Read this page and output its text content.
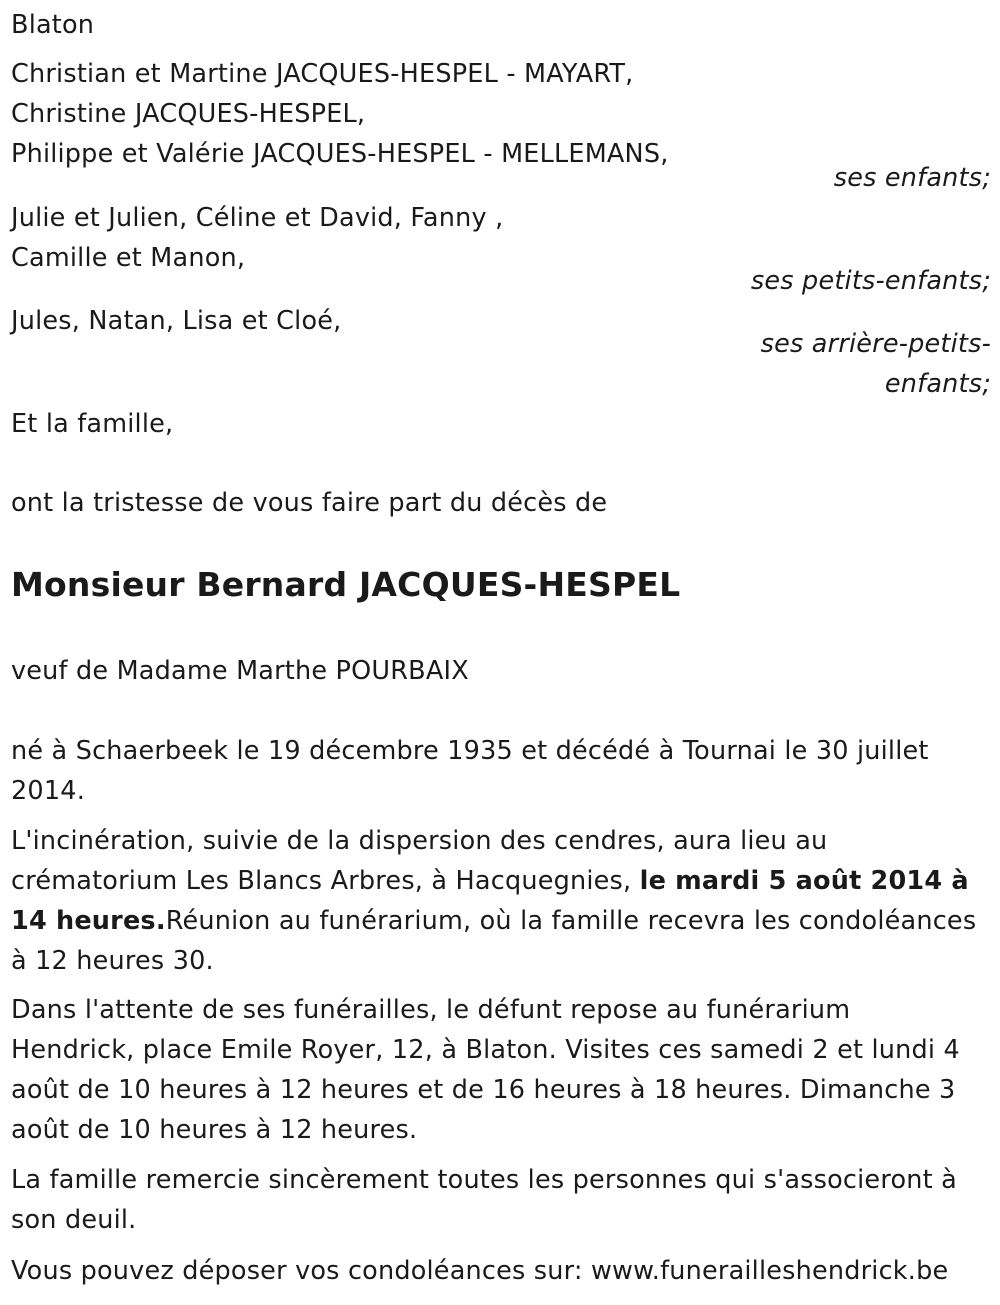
Blaton
Christian et Martine JACQUES-HESPEL - MAYART,
Christine JACQUES-HESPEL,
Philippe et Valérie JACQUES-HESPEL - MELLEMANS,
ses enfants;
Julie et Julien, Céline et David, Fanny ,
Camille et Manon,
ses petits-enfants;
Jules, Natan, Lisa et Cloé,
ses arrière-petits-
enfants;
Et la famille,
ont la tristesse de vous faire part du décès de
Monsieur Bernard JACQUES-HESPEL
veuf de Madame Marthe POURBAIX
né à Schaerbeek le 19 décembre 1935 et décédé à Tournai le 30 juillet
2014.
L'incinération, suivie de la dispersion des cendres, aura lieu au
crématorium Les Blancs Arbres, à Hacquegnies, le mardi 5 août 2014 à
14 heures.Réunion au funérarium, où la famille recevra les condoléances
à 12 heures 30.
Dans l'attente de ses funérailles, le défunt repose au funérarium
Hendrick, place Emile Royer, 12, à Blaton. Visites ces samedi 2 et lundi 4
août de 10 heures à 12 heures et de 16 heures à 18 heures. Dimanche 3
août de 10 heures à 12 heures.
La famille remercie sincèrement toutes les personnes qui s'associeront à
son deuil.
Vous pouvez déposer vos condoléances sur: www.funerailleshendrick.be
